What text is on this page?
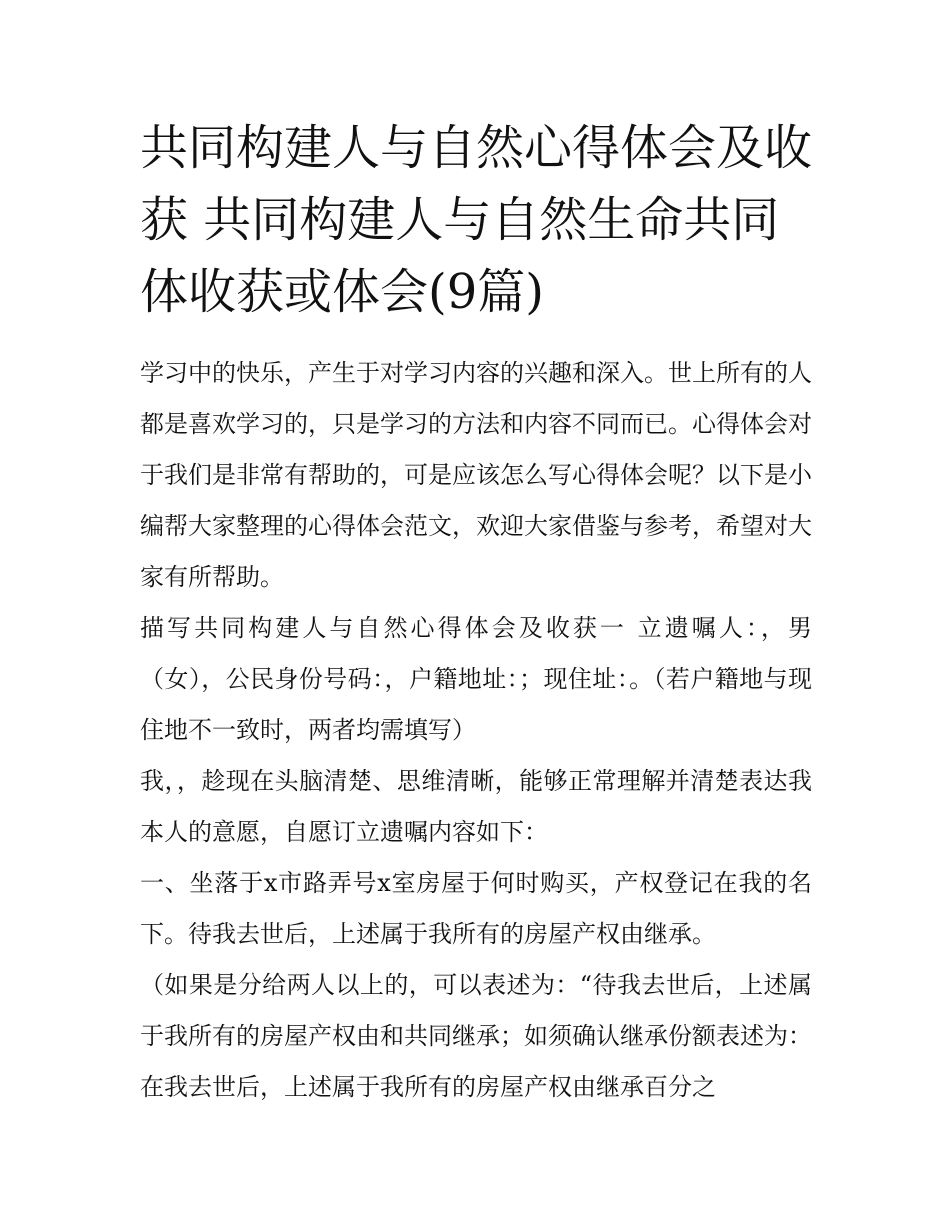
共同构建人与自然心得体会及收获 共同构建人与自然生命共同体收获或体会(9篇)

学习中的快乐，产生于对学习内容的兴趣和深入。世上所有的人都是喜欢学习的，只是学习的方法和内容不同而已。心得体会对于我们是非常有帮助的，可是应该怎么写心得体会呢？以下是小编帮大家整理的心得体会范文，欢迎大家借鉴与参考，希望对大家有所帮助。

描写共同构建人与自然心得体会及收获一 立遗嘱人：，男（女），公民身份号码：，户籍地址：；现住址：。（若户籍地与现住地不一致时，两者均需填写）

我，，趁现在头脑清楚、思维清晰，能够正常理解并清楚表达我本人的意愿，自愿订立遗嘱内容如下：

一、坐落于x市路弄号x室房屋于何时购买，产权登记在我的名下。待我去世后，上述属于我所有的房屋产权由继承。

（如果是分给两人以上的，可以表述为：“待我去世后，上述属于我所有的房屋产权由和共同继承；如须确认继承份额表述为：在我去世后，上述属于我所有的房屋产权由继承百分之
